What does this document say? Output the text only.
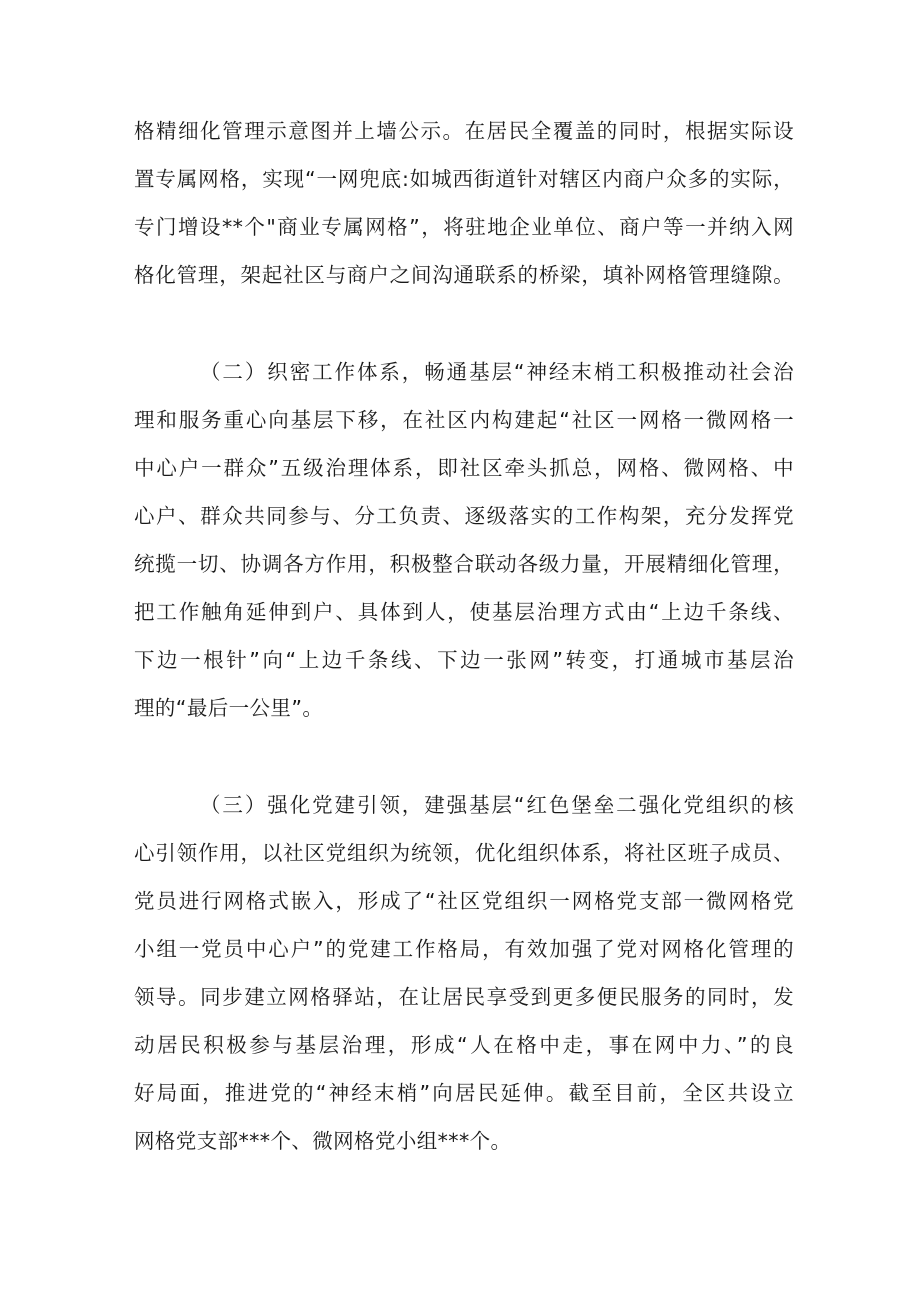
格精细化管理示意图并上墙公示。在居民全覆盖的同时，根据实际设
置专属网格，实现“一网兜底:如城西街道针对辖区内商户众多的实际，
专门增设**个"商业专属网格”，将驻地企业单位、商户等一并纳入网
格化管理，架起社区与商户之间沟通联系的桥梁，填补网格管理缝隙。
（二）织密工作体系，畅通基层“神经末梢工积极推动社会治
理和服务重心向基层下移，在社区内构建起“社区一网格一微网格一
中心户一群众”五级治理体系，即社区牵头抓总，网格、微网格、中
心户、群众共同参与、分工负责、逐级落实的工作构架，充分发挥党
统揽一切、协调各方作用，积极整合联动各级力量，开展精细化管理，
把工作触角延伸到户、具体到人，使基层治理方式由“上边千条线、
下边一根针”向“上边千条线、下边一张网”转变，打通城市基层治
理的“最后一公里”。
（三）强化党建引领，建强基层“红色堡垒二强化党组织的核
心引领作用，以社区党组织为统领，优化组织体系，将社区班子成员、
党员进行网格式嵌入，形成了“社区党组织一网格党支部一微网格党
小组一党员中心户”的党建工作格局，有效加强了党对网格化管理的
领导。同步建立网格驿站，在让居民享受到更多便民服务的同时，发
动居民积极参与基层治理，形成“人在格中走，事在网中力、”的良
好局面，推进党的“神经末梢”向居民延伸。截至目前，全区共设立
网格党支部***个、微网格党小组***个。
